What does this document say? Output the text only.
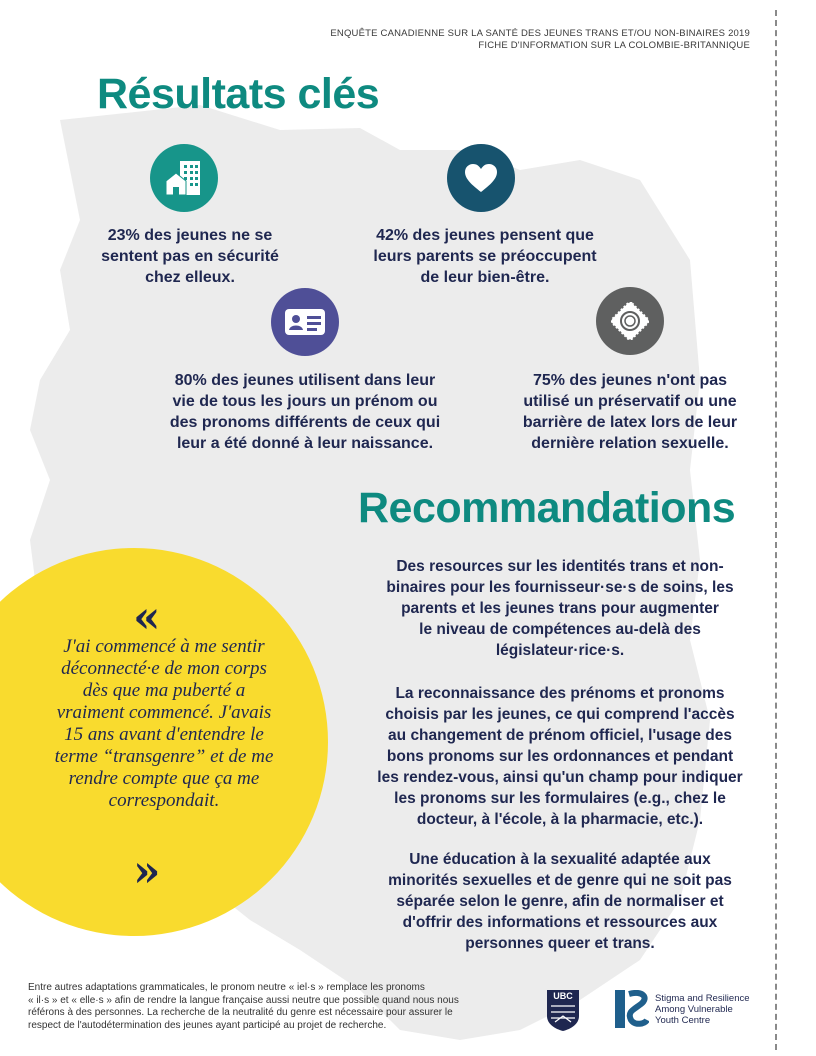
ENQUÊTE CANADIENNE SUR LA SANTÉ DES JEUNES TRANS ET/OU NON-BINAIRES 2019
FICHE D'INFORMATION SUR LA COLOMBIE-BRITANNIQUE
Résultats clés
23% des jeunes ne se
sentent pas en sécurité
chez elleux.
42% des jeunes pensent que
leurs parents se préoccupent
de leur bien-être.
80% des jeunes utilisent dans leur
vie de tous les jours un prénom ou
des pronoms différents de ceux qui
leur a été donné à leur naissance.
75% des jeunes n'ont pas
utilisé un préservatif ou une
barrière de latex lors de leur
dernière relation sexuelle.
Recommandations
«
J'ai commencé à me sentir
déconnecté·e de mon corps
dès que ma puberté a
vraiment commencé. J'avais
15 ans avant d'entendre le
terme “transgenre” et de me
rendre compte que ça me
correspondait.
»
Des resources sur les identités trans et non-
binaires pour les fournisseur·se·s de soins, les
parents et les jeunes trans pour augmenter
le niveau de compétences au-delà des
législateur·rice·s.
La reconnaissance des prénoms et pronoms
choisis par les jeunes, ce qui comprend l'accès
au changement de prénom officiel, l'usage des
bons pronoms sur les ordonnances et pendant
les rendez-vous, ainsi qu'un champ pour indiquer
les pronoms sur les formulaires (e.g., chez le
docteur, à l'école, à la pharmacie, etc.).
Une éducation à la sexualité adaptée aux
minorités sexuelles et de genre qui ne soit pas
séparée selon le genre, afin de normaliser et
d'offrir des informations et ressources aux
personnes queer et trans.
Entre autres adaptations grammaticales, le pronom neutre « iel·s » remplace les pronoms
« il·s » et « elle·s » afin de rendre la langue française aussi neutre que possible quand nous nous
référons à des personnes. La recherche de la neutralité du genre est nécessaire pour assurer le
respect de l'autodétermination des jeunes ayant participé au projet de recherche.
UBC	Stigma and Resilience
Among Vulnerable
Youth Centre
